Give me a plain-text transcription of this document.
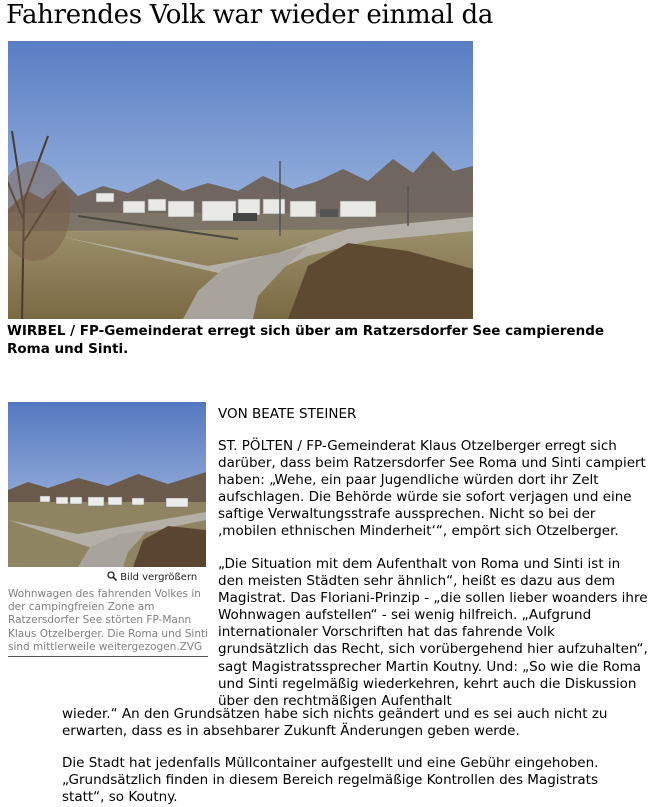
Fahrendes Volk war wieder einmal da

WIRBEL / FP-Gemeinderat erregt sich über am Ratzersdorfer See campierende Roma und Sinti.

Bild vergrößern

Wohnwagen des fahrenden Volkes in der campingfreien Zone am Ratzersdorfer See störten FP-Mann Klaus Otzelberger. Die Roma und Sinti sind mittlerweile weitergezogen.ZVG

VON BEATE STEINER

ST. PÖLTEN / FP-Gemeinderat Klaus Otzelberger erregt sich darüber, dass beim Ratzersdorfer See Roma und Sinti campiert haben: „Wehe, ein paar Jugendliche würden dort ihr Zelt aufschlagen. Die Behörde würde sie sofort verjagen und eine saftige Verwaltungsstrafe aussprechen. Nicht so bei der ‚mobilen ethnischen Minderheit‘“, empört sich Otzelberger.

„Die Situation mit dem Aufenthalt von Roma und Sinti ist in den meisten Städten sehr ähnlich“, heißt es dazu aus dem Magistrat. Das Floriani-Prinzip - „die sollen lieber woanders ihre Wohnwagen aufstellen“ - sei wenig hilfreich. „Aufgrund internationaler Vorschriften hat das fahrende Volk grundsätzlich das Recht, sich vorübergehend hier aufzuhalten“, sagt Magistratssprecher Martin Koutny. Und: „So wie die Roma und Sinti regelmäßig wiederkehren, kehrt auch die Diskussion über den rechtmäßigen Aufenthalt

wieder.“ An den Grundsätzen habe sich nichts geändert und es sei auch nicht zu erwarten, dass es in absehbarer Zukunft Änderungen geben werde.

Die Stadt hat jedenfalls Müllcontainer aufgestellt und eine Gebühr eingehoben. „Grundsätzlich finden in diesem Bereich regelmäßige Kontrollen des Magistrats statt“, so Koutny.
